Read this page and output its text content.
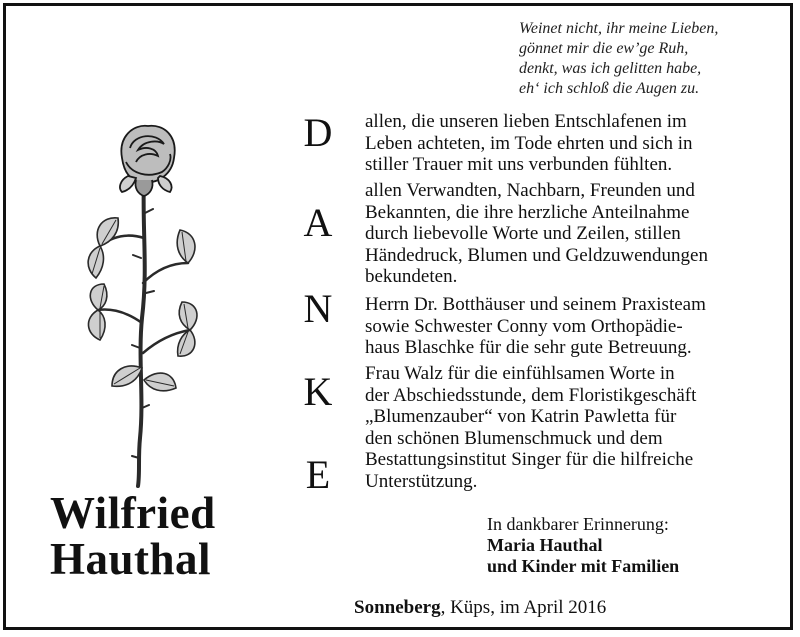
Weinet nicht, ihr meine Lieben,
gönnet mir die ew’ge Ruh,
denkt, was ich gelitten habe,
eh‘ ich schloß die Augen zu.
Wilfried
Hauthal
D
A
N
K
E
allen, die unseren lieben Entschlafenen im
Leben achteten, im Tode ehrten und sich in
stiller Trauer mit uns verbunden fühlten.
allen Verwandten, Nachbarn, Freunden und
Bekannten, die ihre herzliche Anteilnahme
durch liebevolle Worte und Zeilen, stillen
Händedruck, Blumen und Geldzuwendungen
bekundeten.
Herrn Dr. Botthäuser und seinem Praxisteam
sowie Schwester Conny vom Orthopädie-
haus Blaschke für die sehr gute Betreuung.
Frau Walz für die einfühlsamen Worte in
der Abschiedsstunde, dem Floristikgeschäft
„Blumenzauber“ von Katrin Pawletta für
den schönen Blumenschmuck und dem
Bestattungsinstitut Singer für die hilfreiche
Unterstützung.
In dankbarer Erinnerung:
Maria Hauthal
und Kinder mit Familien
Sonneberg, Küps, im April 2016
